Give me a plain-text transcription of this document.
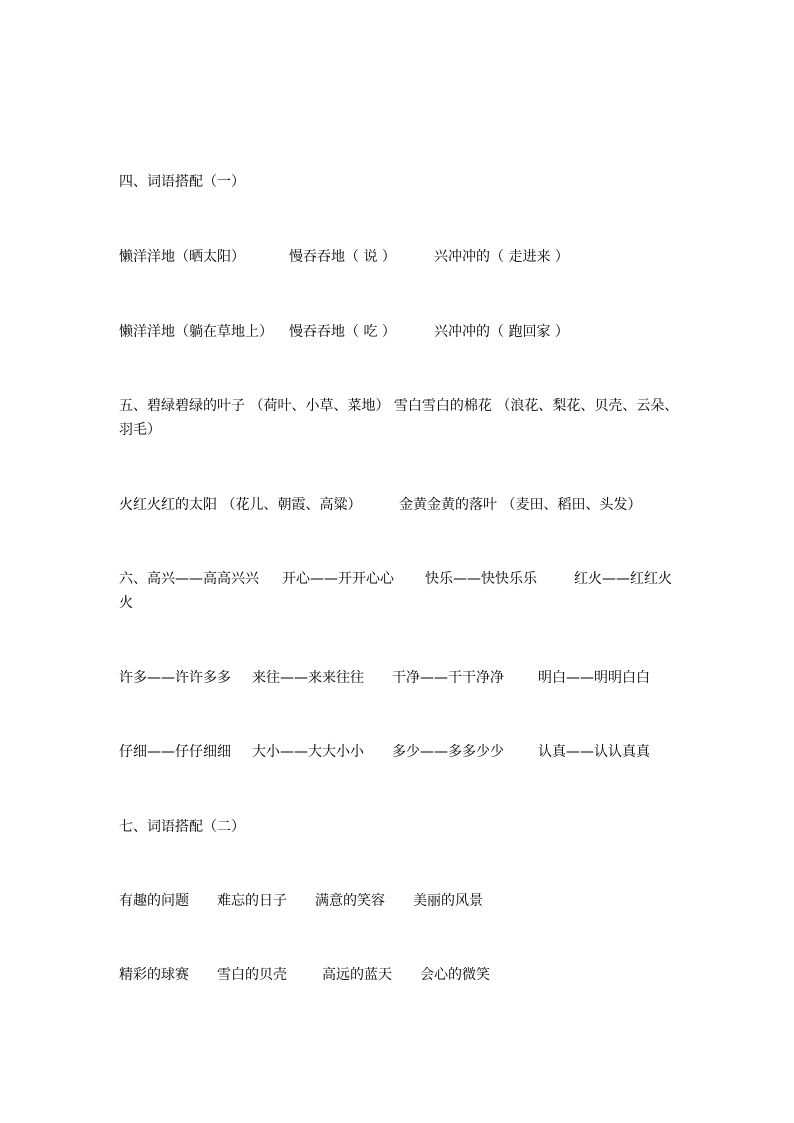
四、词语搭配（一）
懒洋洋地（晒太阳）	慢吞吞地（ 说 ）	兴冲冲的（ 走进来 ）
懒洋洋地（躺在草地上） 慢吞吞地（ 吃 ）	兴冲冲的（ 跑回家 ）
五、碧绿碧绿的叶子 （荷叶、小草、菜地） 雪白雪白的棉花 （浪花、梨花、贝壳、云朵、
羽毛）
火红火红的太阳 （花儿、朝霞、高粱）	金黄金黄的落叶 （麦田、稻田、头发）
六、高兴——高高兴兴 开心——开开心心 快乐——快快乐乐	红火——红红火
火
许多——许许多多 来往——来来往往 干净——干干净净 明白——明明白白
仔细——仔仔细细 大小——大大小小 多少——多多少少 认真——认认真真
七、词语搭配（二）
有趣的问题 难忘的日子 满意的笑容 美丽的风景
精彩的球赛 雪白的贝壳	高远的蓝天 会心的微笑
